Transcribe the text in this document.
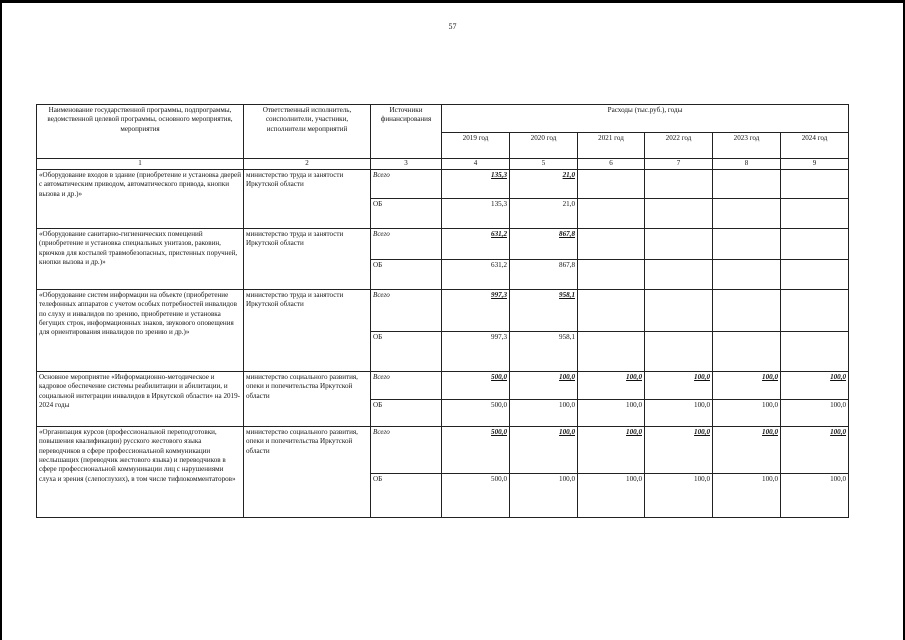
57
Наименование государственной программы, подпрограммы, ведомственной целевой программы, основного мероприятия, мероприятия	Ответственный исполнитель, соисполнители, участники, исполнители мероприятий	Источники финансирования	Расходы (тыс.руб.), годы					
			2019 год	2020 год	2021 год	2022 год	2023 год	2024 год
1	2	3	4	5	6	7	8	9
«Оборудование входов в здание (приобретение и установка дверей с автоматическим приводом, автоматического привода, кнопки вызова и др.)»	министерство труда и занятости Иркутской области	Всего	135,3	21,0				
		ОБ	135,3	21,0				
«Оборудование санитарно-гигиенических помещений (приобретение и установка специальных унитазов, раковин, крючков для костылей травмобезопасных, пристенных поручней, кнопки вызова и др.)»	министерство труда и занятости Иркутской области	Всего	631,2	867,8				
		ОБ	631,2	867,8				
«Оборудование систем информации на объекте (приобретение телефонных аппаратов с учетом особых потребностей инвалидов по слуху и инвалидов по зрению, приобретение и установка бегущих строк, информационных знаков, звукового оповещения для ориентирования инвалидов по зрению и др.)»	министерство труда и занятости Иркутской области	Всего	997,3	958,1				
		ОБ	997,3	958,1				
Основное мероприятие «Информационно-методическое и кадровое обеспечение системы реабилитации и абилитации, и социальной интеграции инвалидов в Иркутской области» на 2019-2024 годы	министерство социального развития, опеки и попечительства Иркутской области	Всего	500,0	100,0	100,0	100,0	100,0	100,0
		ОБ	500,0	100,0	100,0	100,0	100,0	100,0
«Организация курсов (профессиональной переподготовки, повышения квалификации) русского жестового языка переводчиков в сфере профессиональной коммуникации неслышащих (переводчик жестового языка) и переводчиков в сфере профессиональной коммуникации лиц с нарушениями слуха и зрения (слепоглухих), в том числе тифлокомментаторов»	министерство социального развития, опеки и попечительства Иркутской области	Всего	500,0	100,0	100,0	100,0	100,0	100,0
		ОБ	500,0	100,0	100,0	100,0	100,0	100,0
